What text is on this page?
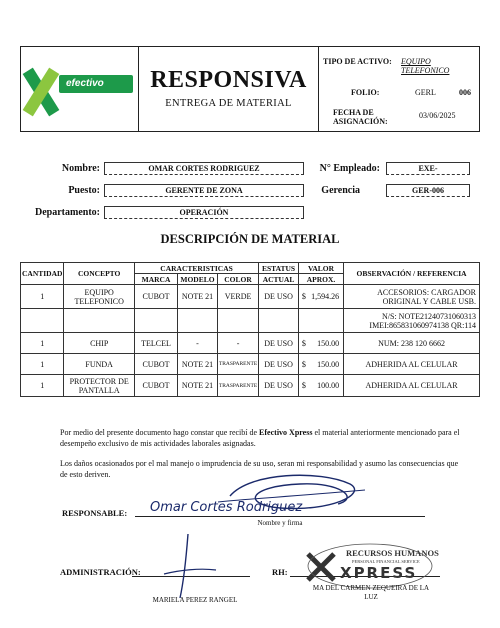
efectivo	RESPONSIVA
ENTREGA DE MATERIAL
TIPO DE ACTIVO: EQUIPO TELEFONICO
FOLIO:	GERL	006
FECHA DE
ASIGNACIÓN:
03/06/2025
Nombre:	OMAR CORTES RODRIGUEZ	N° Empleado:	EXE-
Puesto:	GERENTE DE ZONA	Gerencia	GER-006
Departamento:	OPERACIÓN
DESCRIPCIÓN DE MATERIAL
CANTIDAD	CONCEPTO	CARACTERISTICAS			ESTATUS	VALOR	OBSERVACIÓN / REFERENCIA
		MARCA	MODELO	COLOR	ACTUAL	APROX.	
1	EQUIPO TELEFONICO	CUBOT	NOTE 21	VERDE	DE USO	$ 1,594.26	ACCESORIOS: CARGADOR ORIGINAL Y CABLE USB.
							N/S: NOTE21240731060313 IMEI:865831060974138 QR:114
1	CHIP	TELCEL	-	-	DE USO	$ 150.00	NUM: 238 120 6662
1	FUNDA	CUBOT	NOTE 21	TRASPARENTE	DE USO	$ 150.00	ADHERIDA AL CELULAR
1	PROTECTOR DE PANTALLA	CUBOT	NOTE 21	TRASPARENTE	DE USO	$ 100.00	ADHERIDA AL CELULAR
Por medio del presente documento hago constar que recibí de Efectivo Xpress el material anteriormente mencionado para el desempeño exclusivo de mis actividades laborales asignadas.
Los daños ocasionados por el mal manejo o imprudencia de su uso, seran mi responsabilidad y asumo las consecuencias que de esto deriven.
RESPONSABLE: Omar Cortes Rodriguez
Nombre y firma
ADMINISTRACIÓN:
MARIELA PEREZ RANGEL
RH:
RECURSOS HUMANOS
PERSONAL FINANCIAL SERVICE
XPRESS
MA DEL CARMEN ZEQUEIRA DE LA
LUZ
